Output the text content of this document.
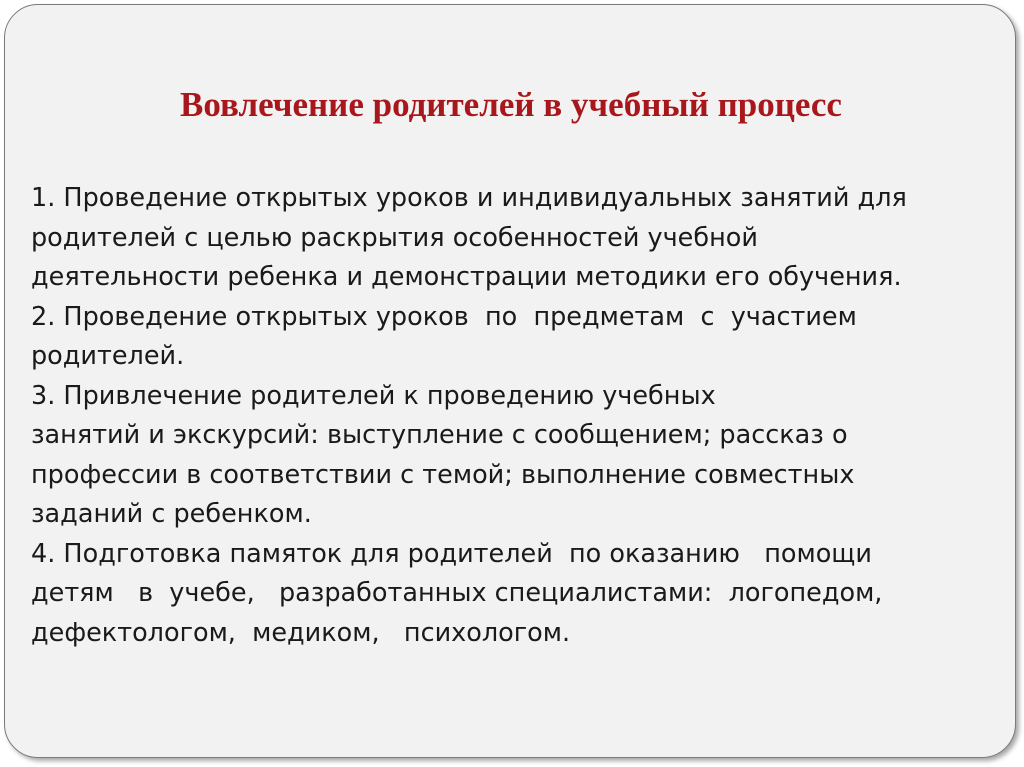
Вовлечение родителей в учебный процесс
1. Проведение открытых уроков и индивидуальных занятий для
родителей с целью раскрытия особенностей учебной
деятельности ребенка и демонстрации методики его обучения.
2. Проведение открытых уроков  по  предметам  с  участием
родителей.
3. Привлечение родителей к проведению учебных
занятий и экскурсий: выступление с сообщением; рассказ о
профессии в соответствии с темой; выполнение совместных
заданий с ребенком.
4. Подготовка памяток для родителей  по оказанию   помощи
детям   в  учебе,   разработанных специалистами:  логопедом,
дефектологом,  медиком,   психологом.
